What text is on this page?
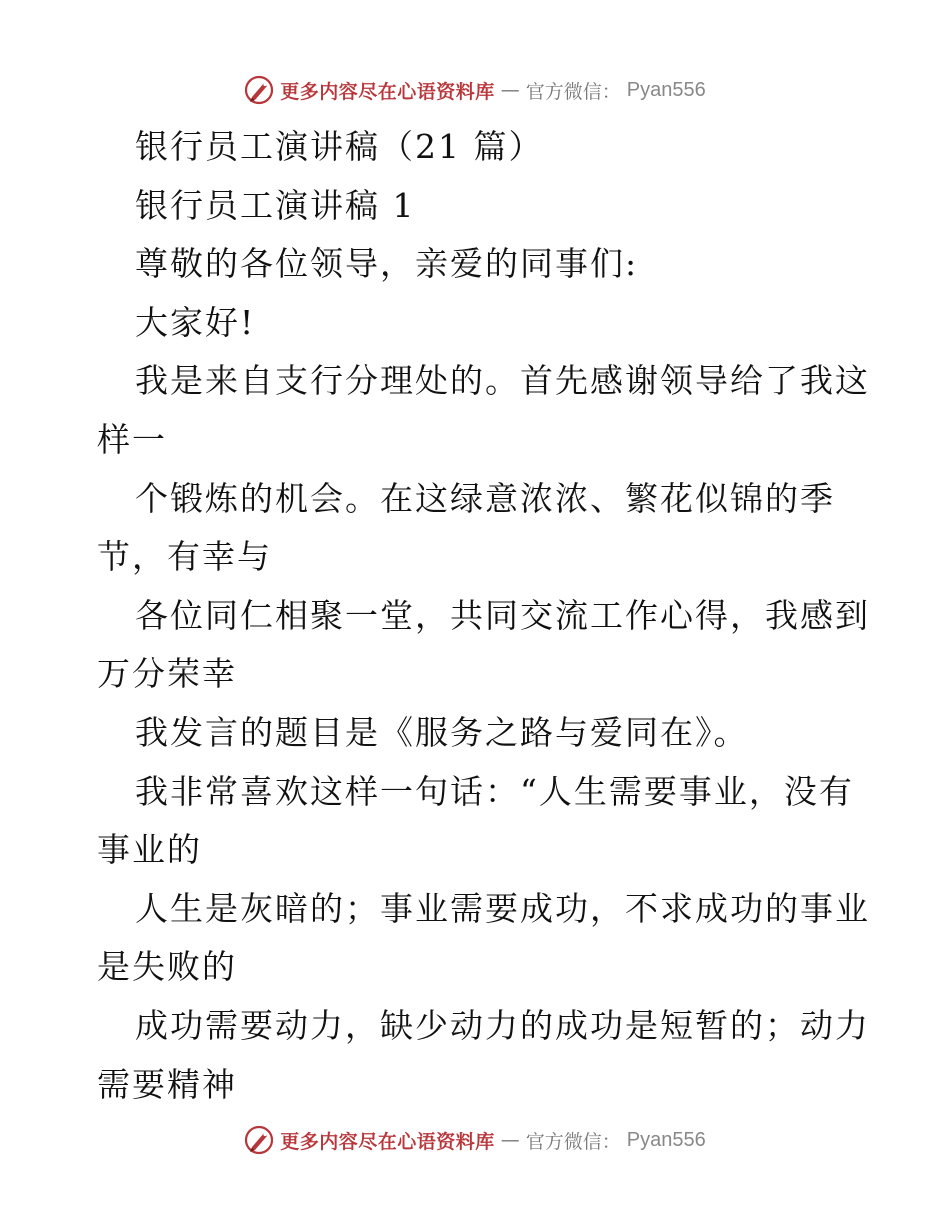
更多内容尽在心语资料库 — 官方微信： Pyan556
银行员工演讲稿（21 篇）
银行员工演讲稿 1
尊敬的各位领导，亲爱的同事们:
大家好!
我是来自支行分理处的。首先感谢领导给了我这
样一
个锻炼的机会。在这绿意浓浓、繁花似锦的季
节，有幸与
各位同仁相聚一堂，共同交流工作心得，我感到
万分荣幸
我发言的题目是《服务之路与爱同在》。
我非常喜欢这样一句话：“人生需要事业，没有
事业的
人生是灰暗的；事业需要成功，不求成功的事业
是失败的
成功需要动力，缺少动力的成功是短暂的；动力
需要精神
更多内容尽在心语资料库 — 官方微信： Pyan556
